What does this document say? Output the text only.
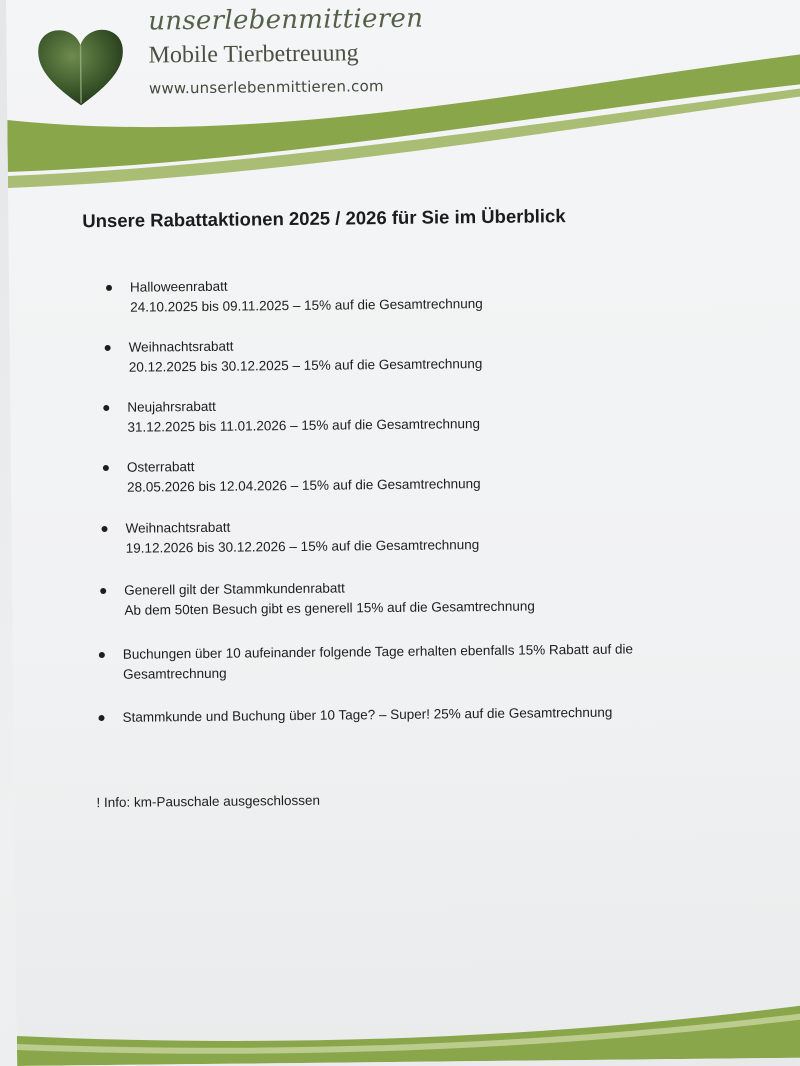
unserlebenmittieren
Mobile Tierbetreuung
www.unserlebenmittieren.com
Unsere Rabattaktionen 2025 / 2026 für Sie im Überblick
Halloweenrabatt
24.10.2025 bis 09.11.2025 – 15% auf die Gesamtrechnung
Weihnachtsrabatt
20.12.2025 bis 30.12.2025 – 15% auf die Gesamtrechnung
Neujahrsrabatt
31.12.2025 bis 11.01.2026 – 15% auf die Gesamtrechnung
Osterrabatt
28.05.2026 bis 12.04.2026 – 15% auf die Gesamtrechnung
Weihnachtsrabatt
19.12.2026 bis 30.12.2026 – 15% auf die Gesamtrechnung
Generell gilt der Stammkundenrabatt
Ab dem 50ten Besuch gibt es generell 15% auf die Gesamtrechnung
Buchungen über 10 aufeinander folgende Tage erhalten ebenfalls 15% Rabatt auf die
Gesamtrechnung
Stammkunde und Buchung über 10 Tage? – Super! 25% auf die Gesamtrechnung
! Info: km-Pauschale ausgeschlossen
